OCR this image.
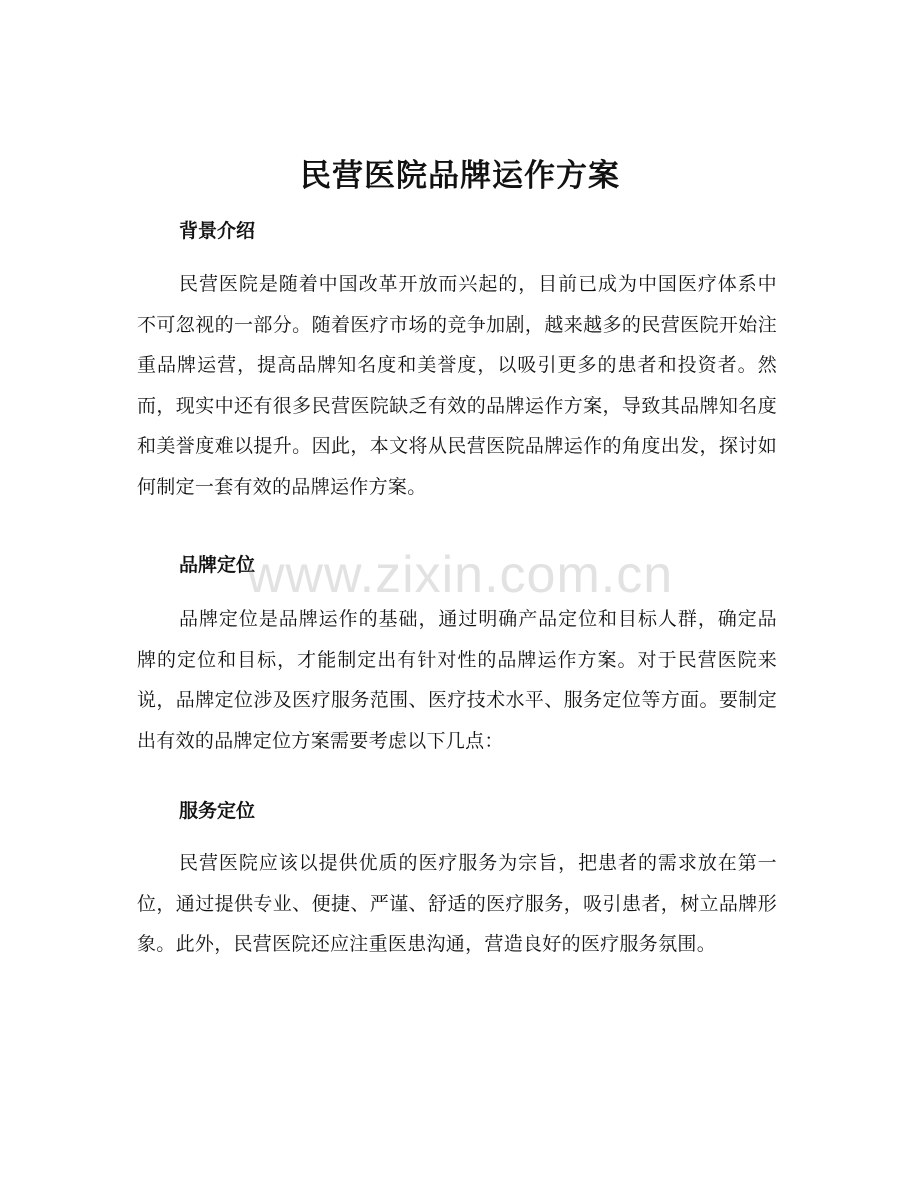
民营医院品牌运作方案
背景介绍
民营医院是随着中国改革开放而兴起的，目前已成为中国医疗体系中不可忽视的一部分。随着医疗市场的竞争加剧，越来越多的民营医院开始注重品牌运营，提高品牌知名度和美誉度，以吸引更多的患者和投资者。然而，现实中还有很多民营医院缺乏有效的品牌运作方案，导致其品牌知名度和美誉度难以提升。因此，本文将从民营医院品牌运作的角度出发，探讨如何制定一套有效的品牌运作方案。
品牌定位
品牌定位是品牌运作的基础，通过明确产品定位和目标人群，确定品牌的定位和目标，才能制定出有针对性的品牌运作方案。对于民营医院来说，品牌定位涉及医疗服务范围、医疗技术水平、服务定位等方面。要制定出有效的品牌定位方案需要考虑以下几点：
服务定位
民营医院应该以提供优质的医疗服务为宗旨，把患者的需求放在第一位，通过提供专业、便捷、严谨、舒适的医疗服务，吸引患者，树立品牌形象。此外，民营医院还应注重医患沟通，营造良好的医疗服务氛围。
www.zixin.com.cn
